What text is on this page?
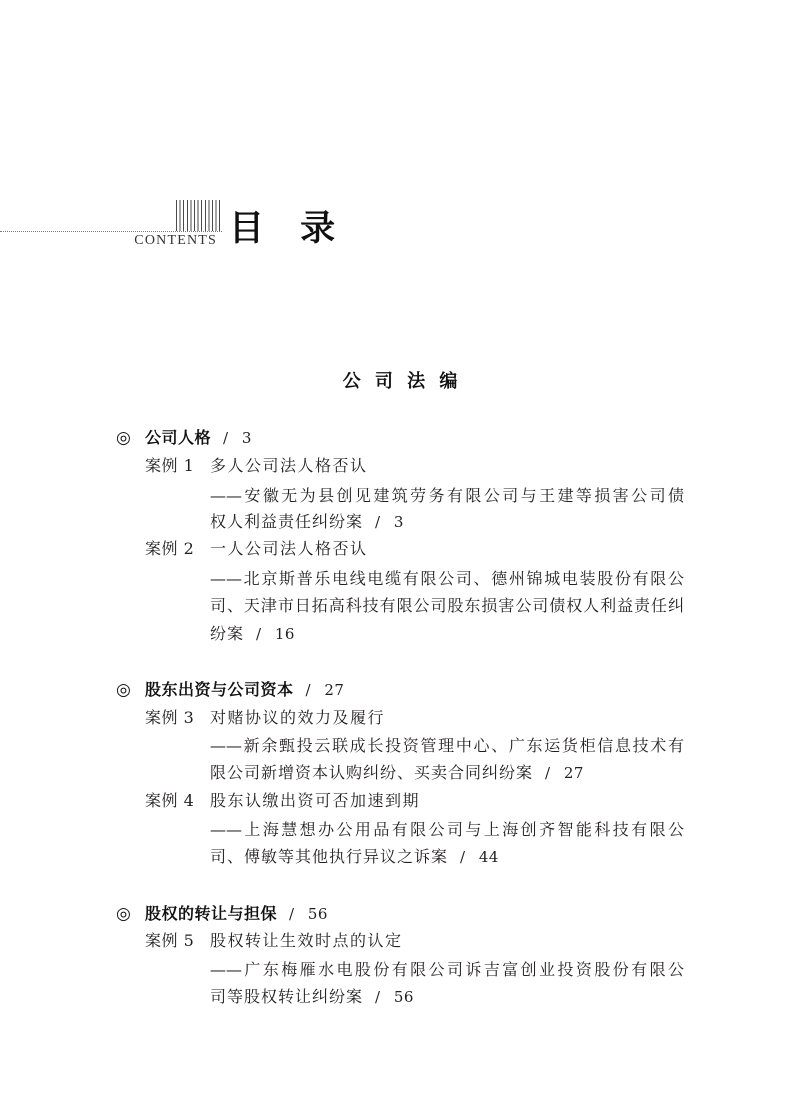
CONTENTS 目 录
公 司 法 编
◎ 公司人格 / 3
案例 1 多人公司法人格否认
——安徽无为县创见建筑劳务有限公司与王建等损害公司债
权人利益责任纠纷案 / 3
案例 2 一人公司法人格否认
——北京斯普乐电线电缆有限公司、德州锦城电装股份有限公
司、天津市日拓高科技有限公司股东损害公司债权人利益责任纠
纷案 / 16
◎ 股东出资与公司资本 / 27
案例 3 对赌协议的效力及履行
——新余甄投云联成长投资管理中心、广东运货柜信息技术有
限公司新增资本认购纠纷、买卖合同纠纷案 / 27
案例 4 股东认缴出资可否加速到期
——上海慧想办公用品有限公司与上海创齐智能科技有限公
司、傅敏等其他执行异议之诉案 / 44
◎ 股权的转让与担保 / 56
案例 5 股权转让生效时点的认定
——广东梅雁水电股份有限公司诉吉富创业投资股份有限公
司等股权转让纠纷案 / 56
